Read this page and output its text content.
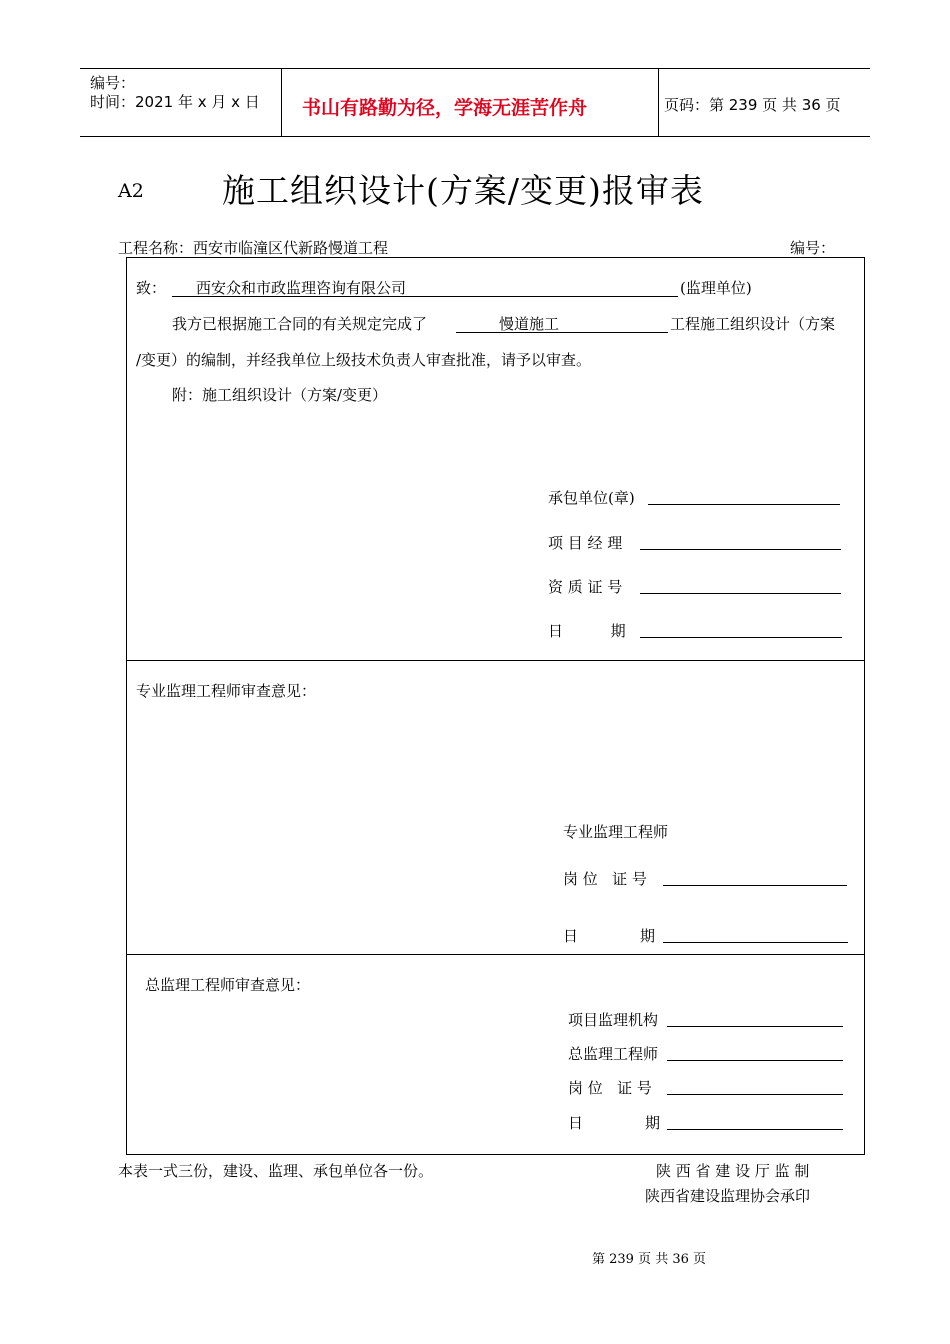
编号：
时间：2021 年 x 月 x 日 书山有路勤为径，学海无涯苦作舟	页码：第 239 页 共 36 页
A2 施工组织设计(方案/变更)报审表
工程名称：西安市临潼区代新路慢道工程	编号：
致： 西安众和市政监理咨询有限公司	(监理单位)
我方已根据施工合同的有关规定完成了	慢道施工	工程施工组织设计（方案
/变更）的编制，并经我单位上级技术负责人审查批准，请予以审查。
附：施工组织设计（方案/变更）
承包单位(章)
项 目 经 理
资 质 证 号
日          期
专业监理工程师审查意见：
专业监理工程师
岗 位   证 号
日             期
总监理工程师审查意见：
项目监理机构
总监理工程师
岗 位   证 号
日             期
本表一式三份，建设、监理、承包单位各一份。	陕 西 省 建 设 厅 监 制
陕西省建设监理协会承印
第 239 页 共 36 页
